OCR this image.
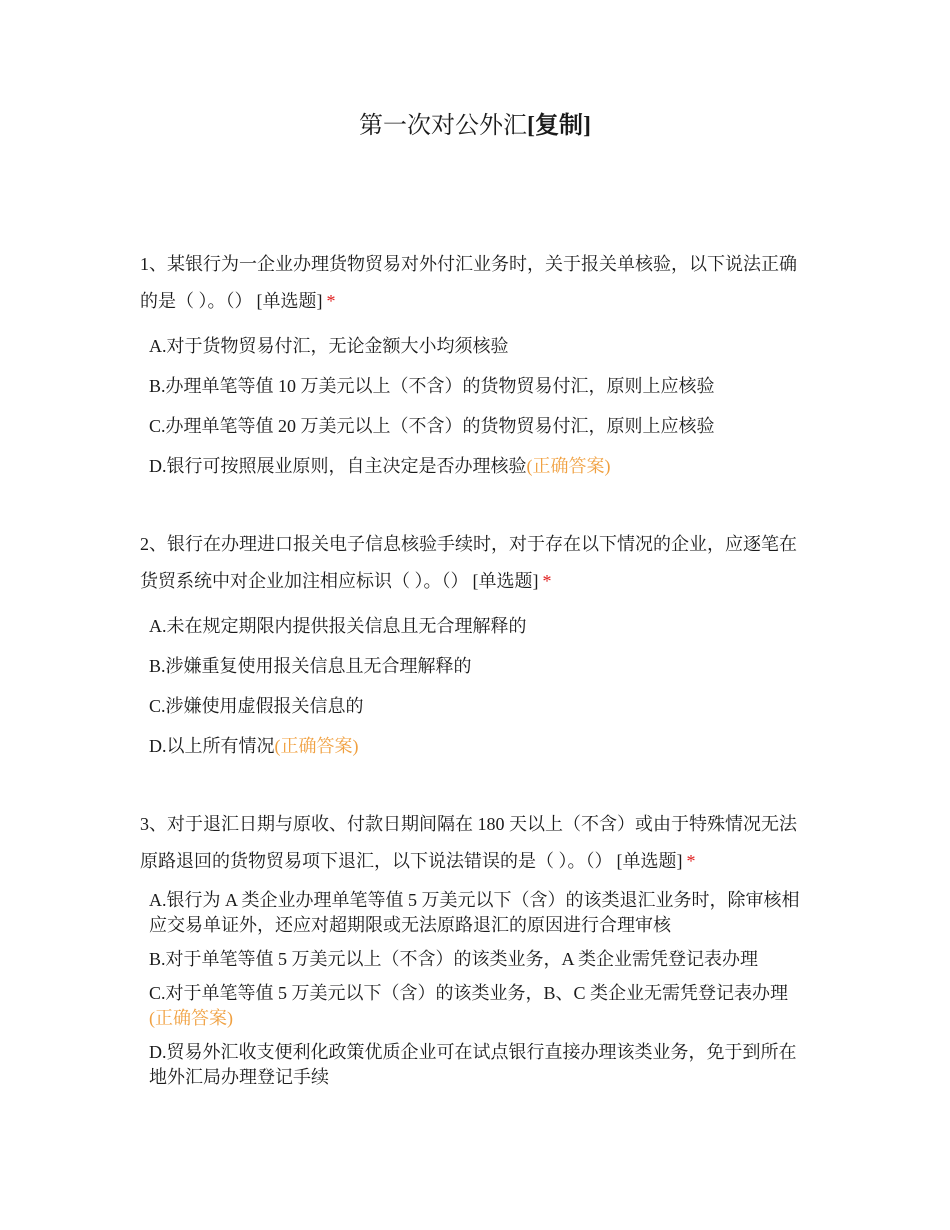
第一次对公外汇[复制]

1、某银行为一企业办理货物贸易对外付汇业务时，关于报关单核验，以下说法正确的是（ ）。（） [单选题] *

A.对于货物贸易付汇，无论金额大小均须核验
B.办理单笔等值 10 万美元以上（不含）的货物贸易付汇，原则上应核验
C.办理单笔等值 20 万美元以上（不含）的货物贸易付汇，原则上应核验
D.银行可按照展业原则，自主决定是否办理核验(正确答案)

2、银行在办理进口报关电子信息核验手续时，对于存在以下情况的企业，应逐笔在货贸系统中对企业加注相应标识（ ）。（） [单选题] *

A.未在规定期限内提供报关信息且无合理解释的
B.涉嫌重复使用报关信息且无合理解释的
C.涉嫌使用虚假报关信息的
D.以上所有情况(正确答案)

3、对于退汇日期与原收、付款日期间隔在 180 天以上（不含）或由于特殊情况无法原路退回的货物贸易项下退汇，以下说法错误的是（ ）。（） [单选题] *

A.银行为 A 类企业办理单笔等值 5 万美元以下（含）的该类退汇业务时，除审核相应交易单证外，还应对超期限或无法原路退汇的原因进行合理审核
B.对于单笔等值 5 万美元以上（不含）的该类业务，A 类企业需凭登记表办理
C.对于单笔等值 5 万美元以下（含）的该类业务，B、C 类企业无需凭登记表办理(正确答案)
D.贸易外汇收支便利化政策优质企业可在试点银行直接办理该类业务，免于到所在地外汇局办理登记手续
